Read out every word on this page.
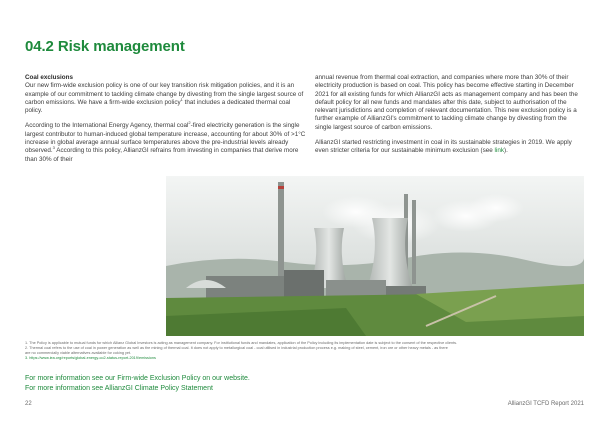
04.2 Risk management
Coal exclusions

Our new firm-wide exclusion policy is one of our key transition risk mitigation policies, and it is an example of our commitment to tackling climate change by divesting from the single largest source of carbon emissions. We have a firm-wide exclusion policy$^1$ that includes a dedicated thermal coal policy.

According to the International Energy Agency, thermal coal$^2$-fired electricity generation is the single largest contributor to human-induced global temperature increase, accounting for about 30% of >1°C increase in global average annual surface temperatures above the pre-industrial levels already observed.$^3$ According to this policy, AllianzGI refrains from investing in companies that derive more than 30% of their

annual revenue from thermal coal extraction, and companies where more than 30% of their electricity production is based on coal. This policy has become effective starting in December 2021 for all existing funds for which AllianzGI acts as management company and has been the default policy for all new funds and mandates after this date, subject to authorisation of the relevant jurisdictions and completion of relevant documentation. This new exclusion policy is a further example of AllianzGI's commitment to tackling climate change by divesting from the single largest source of carbon emissions.

AllianzGI started restricting investment in coal in its sustainable strategies in 2019. We apply even stricter criteria for our sustainable minimum exclusion (see link).

1. The Policy is applicable to mutual funds for which Allianz Global Investors is acting as management company. For institutional funds and mandates, application of the Policy including its implementation date is subject to the consent of the respective clients.
2. Thermal coal refers to the use of coal in power generation as well as the mining of thermal coal. It does not apply to metallurgical coal - coal utilised in industrial production process e.g. making of steel, cement, iron ore or other heavy metals - as there
are no commercially viable alternatives available for coking yet.
3. https://www.iea.org/reports/global-energy-co2-status-report-2019/emissions
For more information see our Firm-wide Exclusion Policy on our website.
For more information see AllianzGI Climate Policy Statement
22	AllianzGI TCFD Report 2021
